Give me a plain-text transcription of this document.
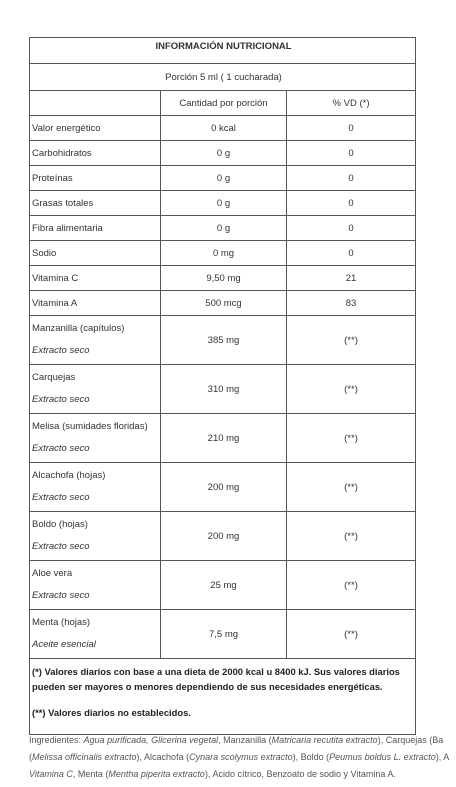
INFORMACIÓN NUTRICIONAL		
Porción 5 ml ( 1 cucharada)		
	Cantidad por porción	% VD (*)
Valor energético	0 kcal	0
Carbohidratos	0 g	0
Proteínas	0 g	0
Grasas totales	0 g	0
Fibra alimentaria	0 g	0
Sodio	0 mg	0
Vitamina C	9,50 mg	21
Vitamina A	500 mcg	83
Manzanilla (capítulos)
Extracto seco	385 mg	(**)
Carquejas
Extracto seco	310 mg	(**)
Melisa (sumidades floridas)
Extracto seco	210 mg	(**)
Alcachofa (hojas)
Extracto seco	200 mg	(**)
Boldo (hojas)
Extracto seco	200 mg	(**)
Aloe vera
Extracto seco	25 mg	(**)
Menta (hojas)
Aceite esencial	7,5 mg	(**)

(*) Valores diarios con base a una dieta de 2000 kcal u 8400 kJ. Sus valores diarios
pueden ser mayores o menores dependiendo de sus necesidades energéticas.
(**) Valores diarios no establecidos.		
Ingredientes: Agua purificada, Glicerina vegetal, Manzanilla (Matricaria recutita extracto), Carquejas (Ba
(Melissa officinalis extracto), Alcachofa (Cynara scolymus extracto), Boldo (Peumus boldus L. extracto), A
Vitamina C, Menta (Mentha piperita extracto), Acido cítrico, Benzoato de sodio y Vitamina A.
